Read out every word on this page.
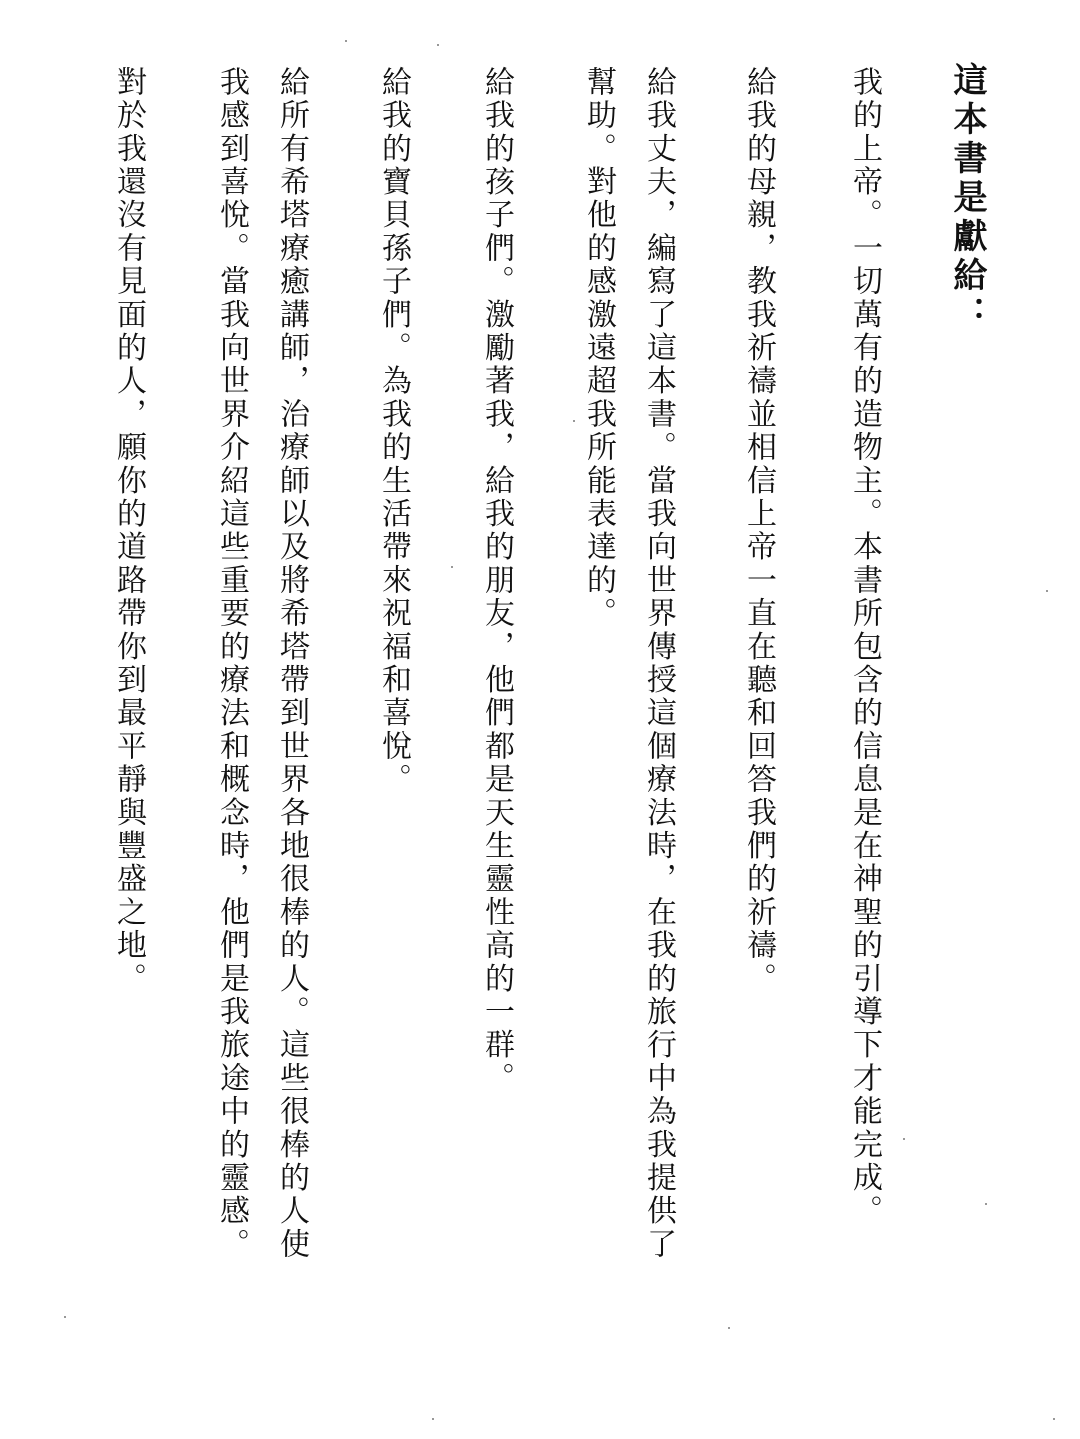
這本書是獻給：
我的上帝。一切萬有的造物主。本書所包含的信息是在神聖的引導下才能完成。
給我的母親，教我祈禱並相信上帝一直在聽和回答我們的祈禱。
給我丈夫，編寫了這本書。當我向世界傳授這個療法時，在我的旅行中為我提供了
幫助。對他的感激遠超我所能表達的。
給我的孩子們。激勵著我，給我的朋友，他們都是天生靈性高的一群。
給我的寶貝孫子們。為我的生活帶來祝福和喜悅。
給所有希塔療癒講師，治療師以及將希塔帶到世界各地很棒的人。這些很棒的人使
我感到喜悅。當我向世界介紹這些重要的療法和概念時，他們是我旅途中的靈感。
對於我還沒有見面的人，願你的道路帶你到最平靜與豐盛之地。
